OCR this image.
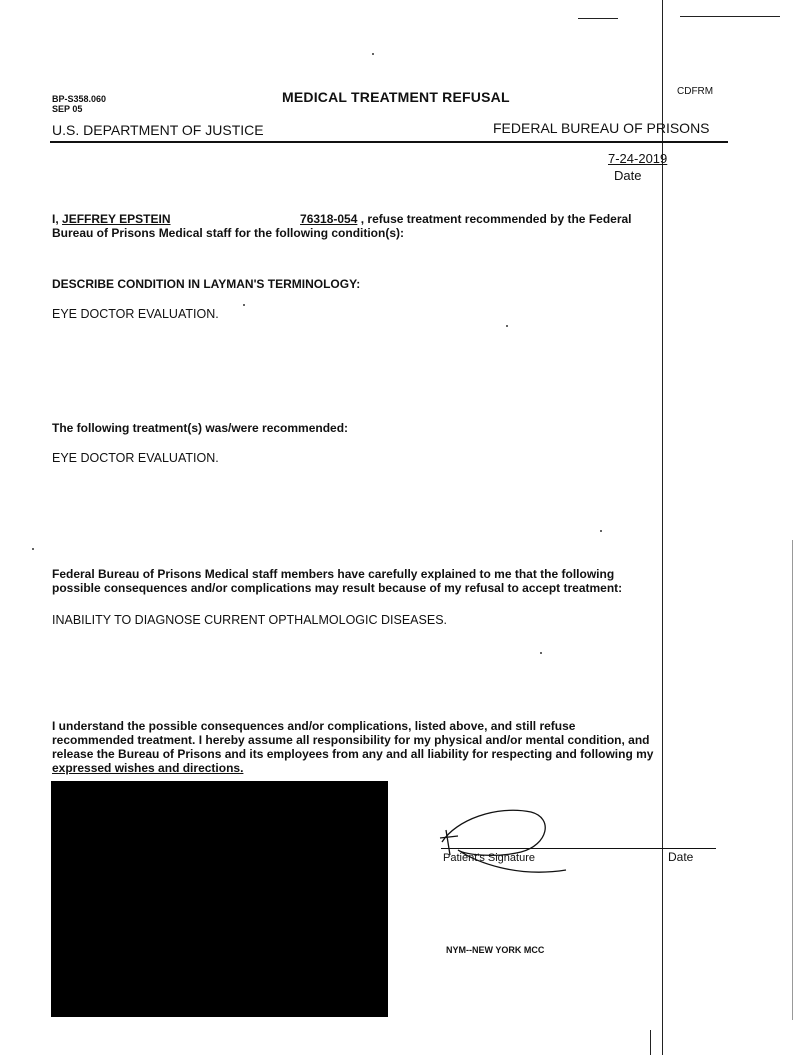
BP-S358.060
SEP 05
MEDICAL TREATMENT REFUSAL	CDFRM
U.S. DEPARTMENT OF JUSTICE	FEDERAL BUREAU OF PRISONS
7-24-2019
Date
I, JEFFREY EPSTEIN	76318-054 , refuse treatment recommended by the Federal
Bureau of Prisons Medical staff for the following condition(s):
DESCRIBE CONDITION IN LAYMAN'S TERMINOLOGY:
EYE DOCTOR EVALUATION.
The following treatment(s) was/were recommended:
EYE DOCTOR EVALUATION.
Federal Bureau of Prisons Medical staff members have carefully explained to me that the following
possible consequences and/or complications may result because of my refusal to accept treatment:
INABILITY TO DIAGNOSE CURRENT OPTHALMOLOGIC DISEASES.
I understand the possible consequences and/or complications, listed above, and still refuse
recommended treatment. I hereby assume all responsibility for my physical and/or mental condition, and
release the Bureau of Prisons and its employees from any and all liability for respecting and following my
expressed wishes and directions.
Patient's Signature	Date
NYM--NEW YORK MCC
